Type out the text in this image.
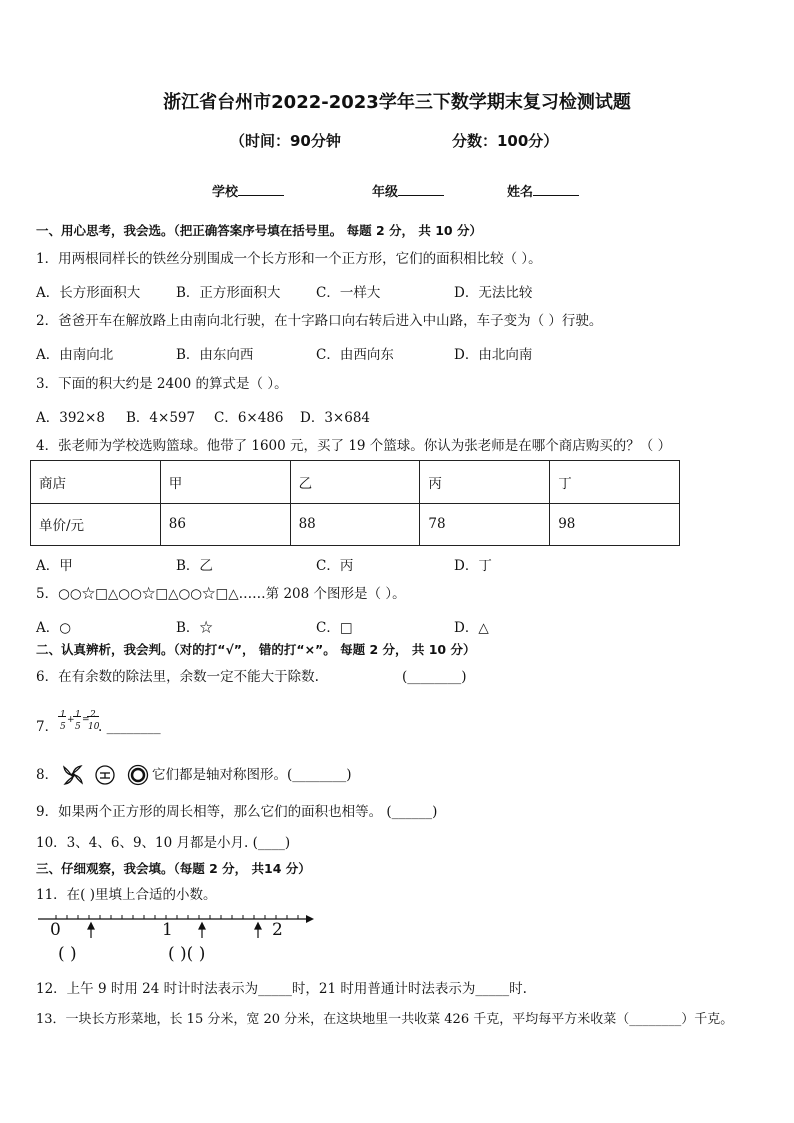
浙江省台州市2022-2023学年三下数学期末复习检测试题
（时间：90分钟	分数：100分）
学校	年级	姓名
一、用心思考，我会选。（把正确答案序号填在括号里。 每题 2 分， 共 10 分）
1．用两根同样长的铁丝分别围成一个长方形和一个正方形，它们的面积相比较（ ）。
A．长方形面积大	B．正方形面积大	C．一样大	D．无法比较
2．爸爸开车在解放路上由南向北行驶，在十字路口向右转后进入中山路，车子变为（ ）行驶。
A．由南向北	B．由东向西	C．由西向东	D．由北向南
3．下面的积大约是 2400 的算式是（ ）。
A．392×8 B．4×597 C．6×486 D．3×684
4．张老师为学校选购篮球。他带了 1600 元，买了 19 个篮球。你认为张老师是在哪个商店购买的？（ ）
商店	甲	乙	丙	丁
单价/元	86	88	78	98
A．甲	B．乙	C．丙	D．丁
5．○○☆□△○○☆□△○○☆□△……第 208 个图形是（ ）。
A．○	B．☆	C．□	D．△
二、认真辨析，我会判。（对的打“√”， 错的打“×”。 每题 2 分， 共 10 分）
6．在有余数的除法里，余数一定不能大于除数.	(________)
7．
1
5
+ 1
5
= 2
10
. ________
8．	它们都是轴对称图形。(________)
9．如果两个正方形的周长相等，那么它们的面积也相等。 (______)
10．3、4、6、9、10 月都是小月. (____)
三、仔细观察，我会填。（每题 2 分， 共14 分）
11．在( )里填上合适的小数。
0	1	2
( )	( )( )
12．上午 9 时用 24 时计时法表示为_____时，21 时用普通计时法表示为_____时.
13．一块长方形菜地，长 15 分米，宽 20 分米，在这块地里一共收菜 426 千克，平均每平方米收菜（________）千克。
